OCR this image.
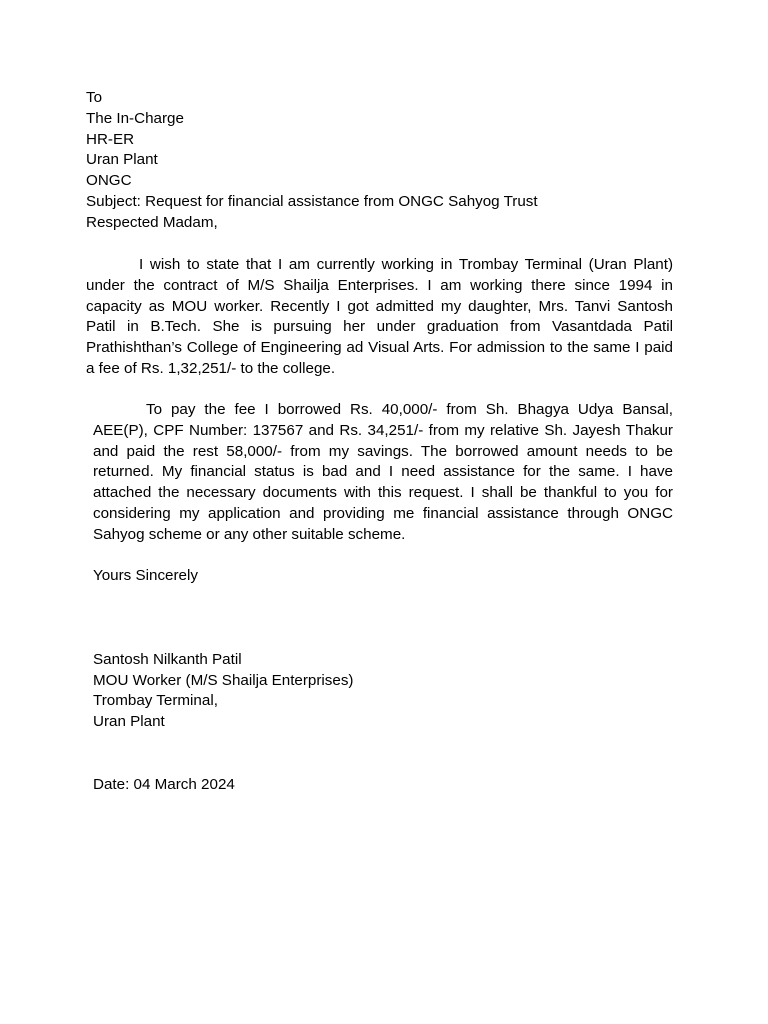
To
The In-Charge
HR-ER
Uran Plant
ONGC
Subject: Request for financial assistance from ONGC Sahyog Trust
Respected Madam,
I wish to state that I am currently working in Trombay Terminal (Uran Plant) under the contract of M/S Shailja Enterprises. I am working there since 1994 in capacity as MOU worker. Recently I got admitted my daughter, Mrs. Tanvi Santosh Patil in B.Tech. She is pursuing her under graduation from Vasantdada Patil Prathishthan’s College of Engineering ad Visual Arts. For admission to the same I paid a fee of Rs. 1,32,251/- to the college.
To pay the fee I borrowed Rs. 40,000/- from Sh. Bhagya Udya Bansal, AEE(P), CPF Number: 137567 and Rs. 34,251/- from my relative Sh. Jayesh Thakur and paid the rest 58,000/- from my savings. The borrowed amount needs to be returned. My financial status is bad and I need assistance for the same. I have attached the necessary documents with this request. I shall be thankful to you for considering my application and providing me financial assistance through ONGC Sahyog scheme or any other suitable scheme.
Yours Sincerely
Santosh Nilkanth Patil
MOU Worker (M/S Shailja Enterprises)
Trombay Terminal,
Uran Plant
Date: 04 March 2024
